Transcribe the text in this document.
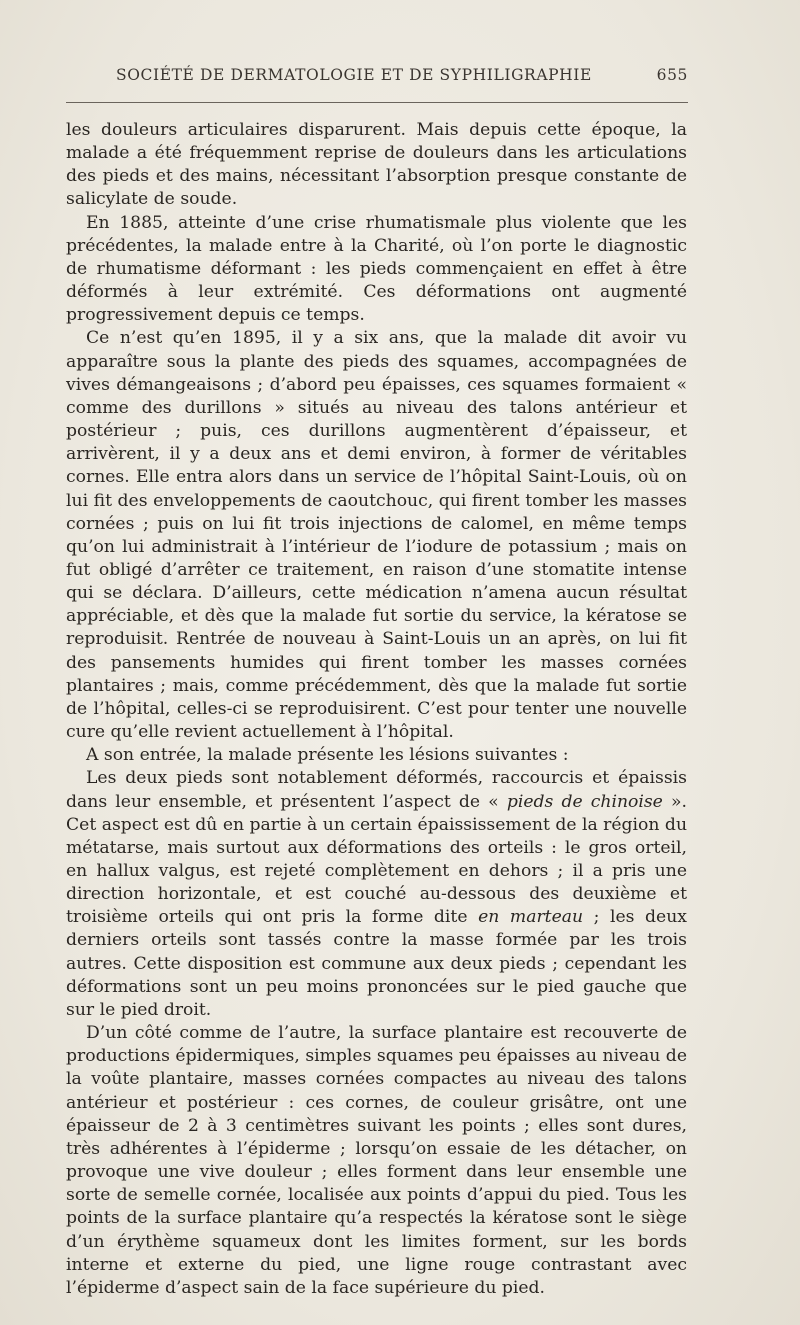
SOCIÉTÉ DE DERMATOLOGIE ET DE SYPHILIGRAPHIE	655

les douleurs articulaires disparurent. Mais depuis cette époque, la malade a été fréquemment reprise de douleurs dans les articulations des pieds et des mains, nécessitant l’absorption presque constante de salicylate de soude.

En 1885, atteinte d’une crise rhumatismale plus violente que les précédentes, la malade entre à la Charité, où l’on porte le diagnostic de rhumatisme déformant : les pieds commençaient en effet à être déformés à leur extrémité. Ces déformations ont augmenté progressivement depuis ce temps.

Ce n’est qu’en 1895, il y a six ans, que la malade dit avoir vu apparaître sous la plante des pieds des squames, accompagnées de vives démangeaisons ; d’abord peu épaisses, ces squames formaient « comme des durillons » situés au niveau des talons antérieur et postérieur ; puis, ces durillons augmentèrent d’épaisseur, et arrivèrent, il y a deux ans et demi environ, à former de véritables cornes. Elle entra alors dans un service de l’hôpital Saint-Louis, où on lui fit des enveloppements de caoutchouc, qui firent tomber les masses cornées ; puis on lui fit trois injections de calomel, en même temps qu’on lui administrait à l’intérieur de l’iodure de potassium ; mais on fut obligé d’arrêter ce traitement, en raison d’une stomatite intense qui se déclara. D’ailleurs, cette médication n’amena aucun résultat appréciable, et dès que la malade fut sortie du service, la kératose se reproduisit. Rentrée de nouveau à Saint-Louis un an après, on lui fit des pansements humides qui firent tomber les masses cornées plantaires ; mais, comme précédemment, dès que la malade fut sortie de l’hôpital, celles-ci se reproduisirent. C’est pour tenter une nouvelle cure qu’elle revient actuellement à l’hôpital.

A son entrée, la malade présente les lésions suivantes :

Les deux pieds sont notablement déformés, raccourcis et épaissis dans leur ensemble, et présentent l’aspect de « pieds de chinoise ». Cet aspect est dû en partie à un certain épaississement de la région du métatarse, mais surtout aux déformations des orteils : le gros orteil, en hallux valgus, est rejeté complètement en dehors ; il a pris une direction horizontale, et est couché au-dessous des deuxième et troisième orteils qui ont pris la forme dite en marteau ; les deux derniers orteils sont tassés contre la masse formée par les trois autres. Cette disposition est commune aux deux pieds ; cependant les déformations sont un peu moins prononcées sur le pied gauche que sur le pied droit.

D’un côté comme de l’autre, la surface plantaire est recouverte de productions épidermiques, simples squames peu épaisses au niveau de la voûte plantaire, masses cornées compactes au niveau des talons antérieur et postérieur : ces cornes, de couleur grisâtre, ont une épaisseur de 2 à 3 centimètres suivant les points ; elles sont dures, très adhérentes à l’épiderme ; lorsqu’on essaie de les détacher, on provoque une vive douleur ; elles forment dans leur ensemble une sorte de semelle cornée, localisée aux points d’appui du pied. Tous les points de la surface plantaire qu’a respectés la kératose sont le siège d’un érythème squameux dont les limites forment, sur les bords interne et externe du pied, une ligne rouge contrastant avec l’épiderme d’aspect sain de la face supérieure du pied.
